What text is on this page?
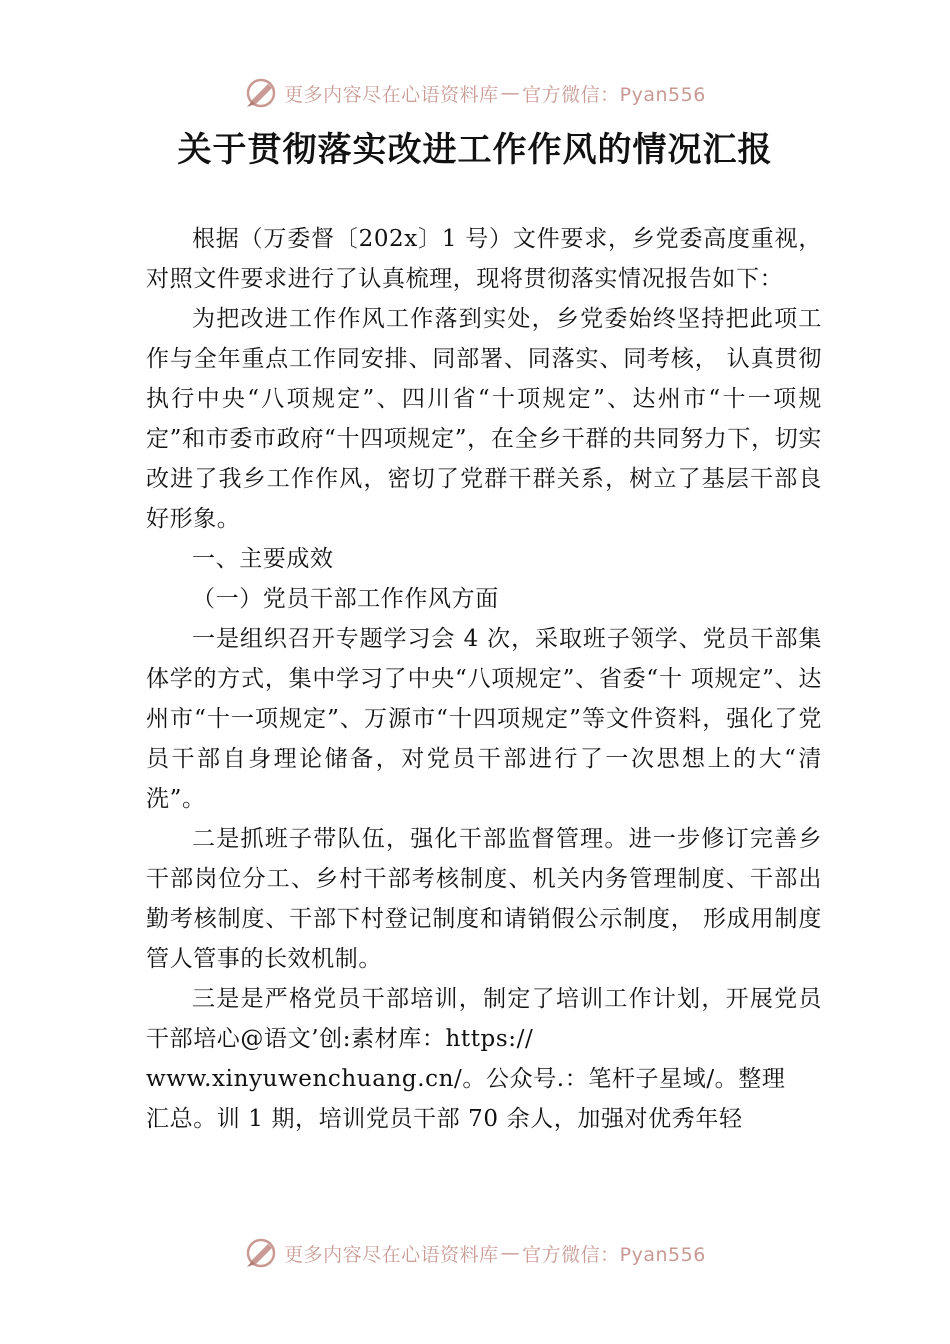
更多内容尽在心语资料库 — 官方微信：Pyan556
关于贯彻落实改进工作作风的情况汇报

根据（万委督〔202x〕1 号）文件要求，乡党委高度重视，对照文件要求进行了认真梳理，现将贯彻落实情况报告如下：

为把改进工作作风工作落到实处，乡党委始终坚持把此项工作与全年重点工作同安排、同部署、同落实、同考核， 认真贯彻执行中央“八项规定”、四川省“十项规定”、达州市“十一项规定”和市委市政府“十四项规定”，在全乡干群的共同努力下，切实改进了我乡工作作风，密切了党群干群关系，树立了基层干部良好形象。

一、主要成效

（一）党员干部工作作风方面

一是组织召开专题学习会 4 次，采取班子领学、党员干部集体学的方式，集中学习了中央“八项规定”、省委“十 项规定”、达州市“十一项规定”、万源市“十四项规定”等文件资料，强化了党员干部自身理论储备，对党员干部进行了一次思想上的大“清洗”。

二是抓班子带队伍，强化干部监督管理。进一步修订完善乡干部岗位分工、乡村干部考核制度、机关内务管理制度、干部出勤考核制度、干部下村登记制度和请销假公示制度， 形成用制度管人管事的长效机制。

三是是严格党员干部培训，制定了培训工作计划，开展党员干部培心@语文’创:素材库：https://

www.xinyuwenchuang.cn/。公众号.：笔杆子星域/。整理

汇总。训 1 期，培训党员干部 70 余人，加强对优秀年轻

更多内容尽在心语资料库 — 官方微信：Pyan556
